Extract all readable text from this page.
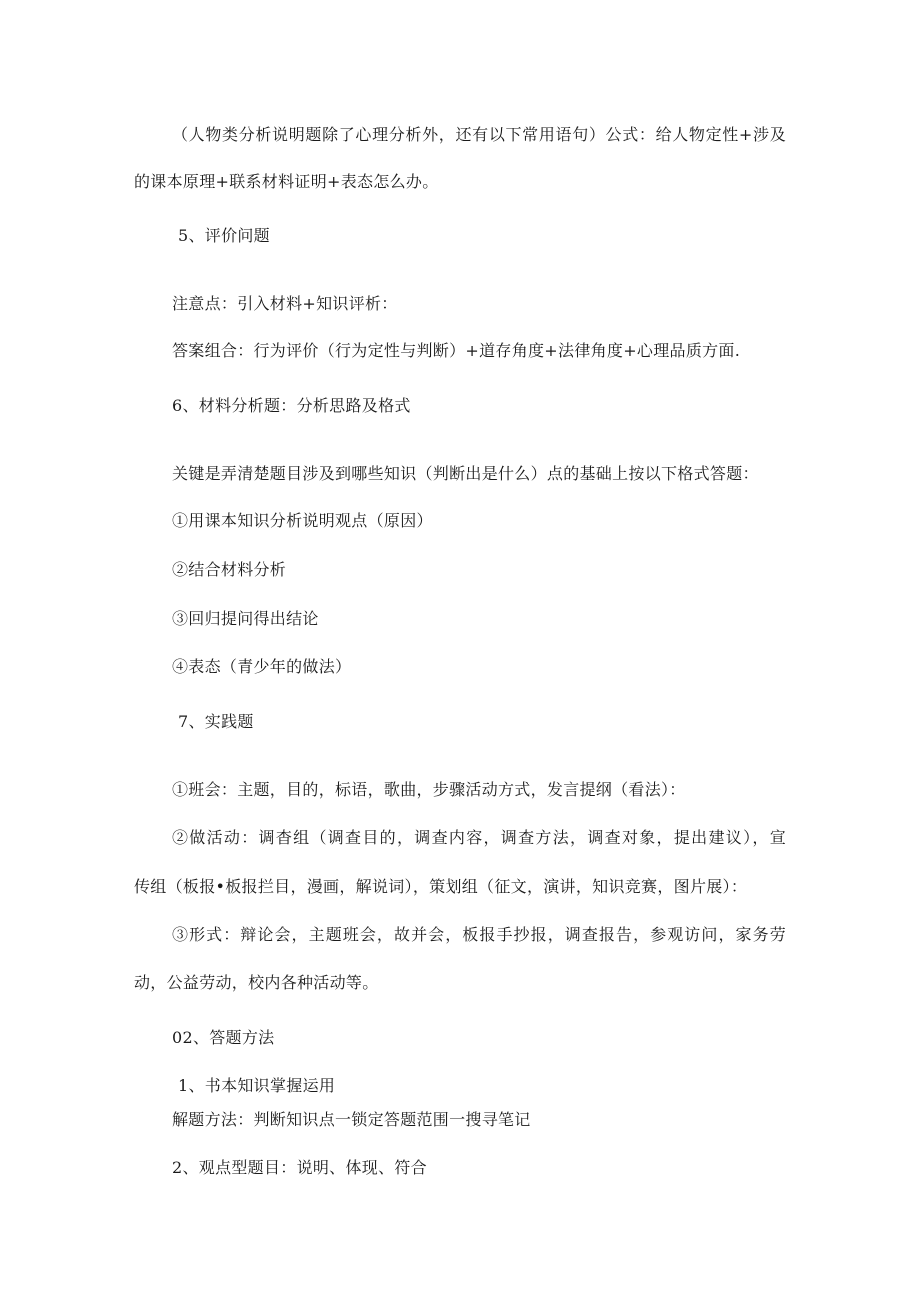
（人物类分析说明题除了心理分析外，还有以下常用语句）公式：给人物定性+涉及
的课本原理+联系材料证明+表态怎么办。
5、评价问题
注意点：引入材料+知识评析：
答案组合：行为评价（行为定性与判断）+道存角度+法律角度+心理品质方面.
6、材料分析题：分析思路及格式
关键是弄清楚题目涉及到哪些知识（判断出是什么）点的基础上按以下格式答题：
①用课本知识分析说明观点（原因）
②结合材料分析
③回归提问得出结论
④表态（青少年的做法）
7、实践题
①班会：主题，目的，标语，歌曲，步骤活动方式，发言提纲（看法）：
②做活动：调杳组（调查目的，调查内容，调查方法，调查对象，提出建议），宣
传组（板报•板报拦目，漫画，解说词），策划组（征文，演讲，知识竞赛，图片展）：
③形式：辩论会，主题班会，故并会，板报手抄报，调查报告，参观访问，家务劳
动，公益劳动，校内各种活动等。
02、答题方法
1、书本知识掌握运用
解题方法：判断知识点一锁定答题范围一搜寻笔记
2、观点型题目：说明、体现、符合
